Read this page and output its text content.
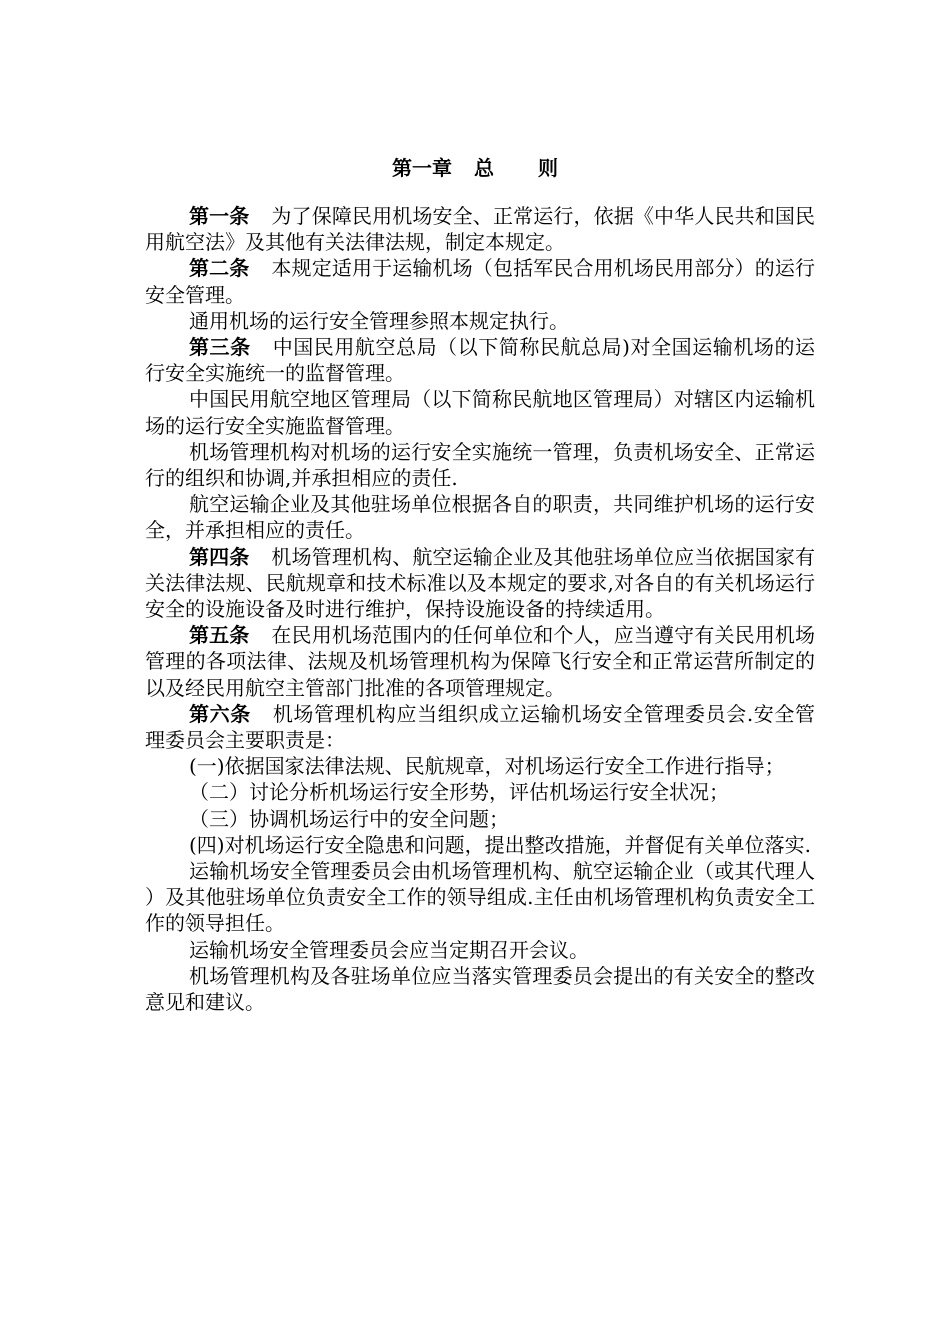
第一章 总 则

第一条 为了保障民用机场安全、正常运行，依据《中华人民共和国民用航空法》及其他有关法律法规，制定本规定。

第二条 本规定适用于运输机场（包括军民合用机场民用部分）的运行安全管理。

通用机场的运行安全管理参照本规定执行。

第三条 中国民用航空总局（以下简称民航总局)对全国运输机场的运行安全实施统一的监督管理。

中国民用航空地区管理局（以下简称民航地区管理局）对辖区内运输机场的运行安全实施监督管理。

机场管理机构对机场的运行安全实施统一管理，负责机场安全、正常运行的组织和协调,并承担相应的责任.

航空运输企业及其他驻场单位根据各自的职责，共同维护机场的运行安全，并承担相应的责任。

第四条 机场管理机构、航空运输企业及其他驻场单位应当依据国家有关法律法规、民航规章和技术标准以及本规定的要求,对各自的有关机场运行安全的设施设备及时进行维护，保持设施设备的持续适用。

第五条 在民用机场范围内的任何单位和个人，应当遵守有关民用机场管理的各项法律、法规及机场管理机构为保障飞行安全和正常运营所制定的以及经民用航空主管部门批准的各项管理规定。

第六条 机场管理机构应当组织成立运输机场安全管理委员会.安全管理委员会主要职责是：

(一)依据国家法律法规、民航规章，对机场运行安全工作进行指导；

（二）讨论分析机场运行安全形势，评估机场运行安全状况；

（三）协调机场运行中的安全问题；

(四)对机场运行安全隐患和问题，提出整改措施，并督促有关单位落实.

运输机场安全管理委员会由机场管理机构、航空运输企业（或其代理人）及其他驻场单位负责安全工作的领导组成.主任由机场管理机构负责安全工作的领导担任。

运输机场安全管理委员会应当定期召开会议。

机场管理机构及各驻场单位应当落实管理委员会提出的有关安全的整改意见和建议。
